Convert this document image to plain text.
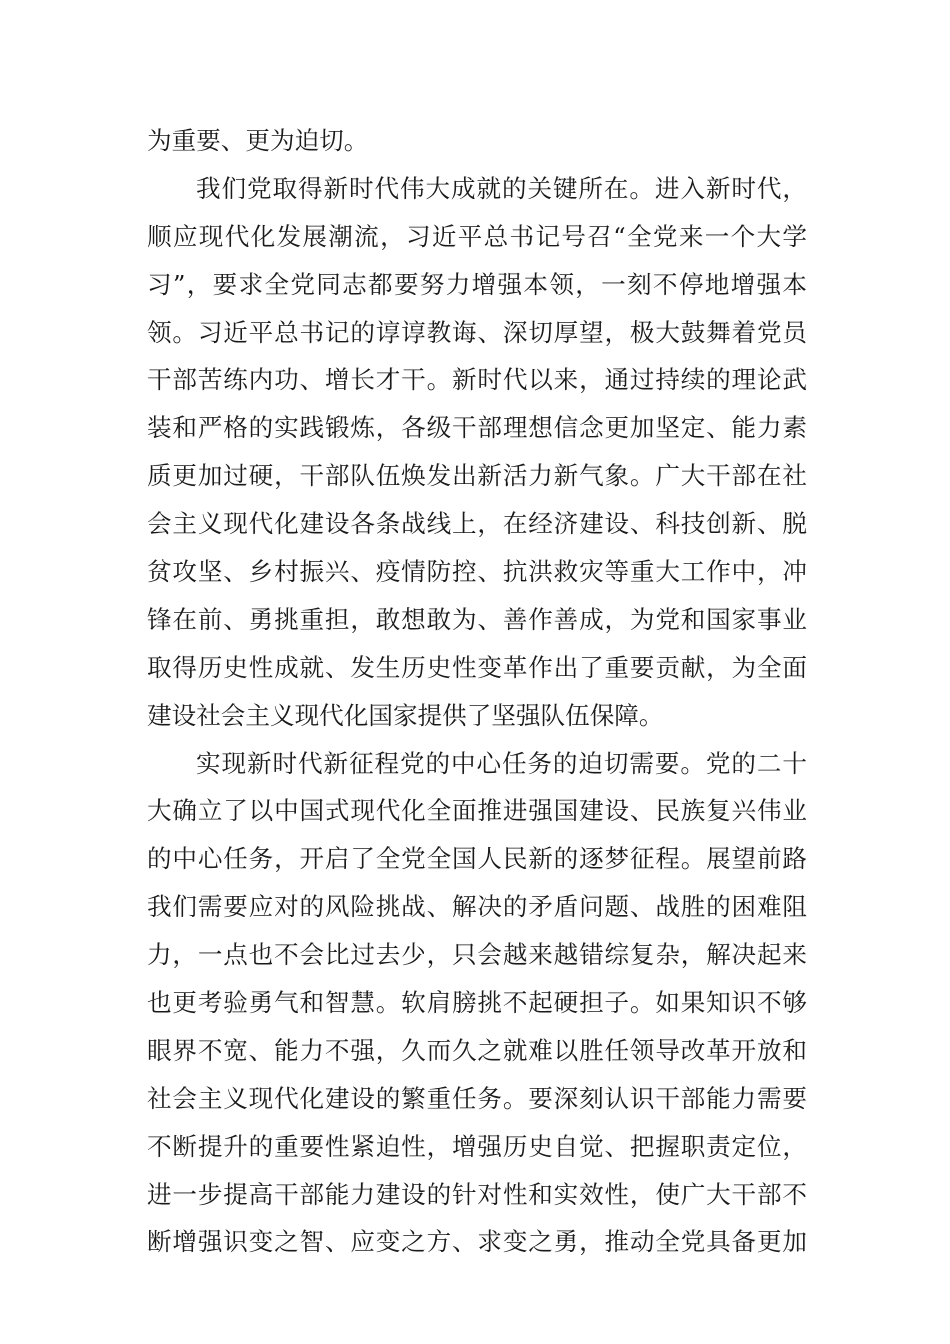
为重要、更为迫切。
我们党取得新时代伟大成就的关键所在。进入新时代，
顺应现代化发展潮流，习近平总书记号召“全党来一个大学
习”，要求全党同志都要努力增强本领，一刻不停地增强本
领。习近平总书记的谆谆教诲、深切厚望，极大鼓舞着党员
干部苦练内功、增长才干。新时代以来，通过持续的理论武
装和严格的实践锻炼，各级干部理想信念更加坚定、能力素
质更加过硬，干部队伍焕发出新活力新气象。广大干部在社
会主义现代化建设各条战线上，在经济建设、科技创新、脱
贫攻坚、乡村振兴、疫情防控、抗洪救灾等重大工作中，冲
锋在前、勇挑重担，敢想敢为、善作善成，为党和国家事业
取得历史性成就、发生历史性变革作出了重要贡献，为全面
建设社会主义现代化国家提供了坚强队伍保障。
实现新时代新征程党的中心任务的迫切需要。党的二十
大确立了以中国式现代化全面推进强国建设、民族复兴伟业
的中心任务，开启了全党全国人民新的逐梦征程。展望前路
我们需要应对的风险挑战、解决的矛盾问题、战胜的困难阻
力，一点也不会比过去少，只会越来越错综复杂，解决起来
也更考验勇气和智慧。软肩膀挑不起硬担子。如果知识不够
眼界不宽、能力不强，久而久之就难以胜任领导改革开放和
社会主义现代化建设的繁重任务。要深刻认识干部能力需要
不断提升的重要性紧迫性，增强历史自觉、把握职责定位，
进一步提高干部能力建设的针对性和实效性，使广大干部不
断增强识变之智、应变之方、求变之勇，推动全党具备更加
